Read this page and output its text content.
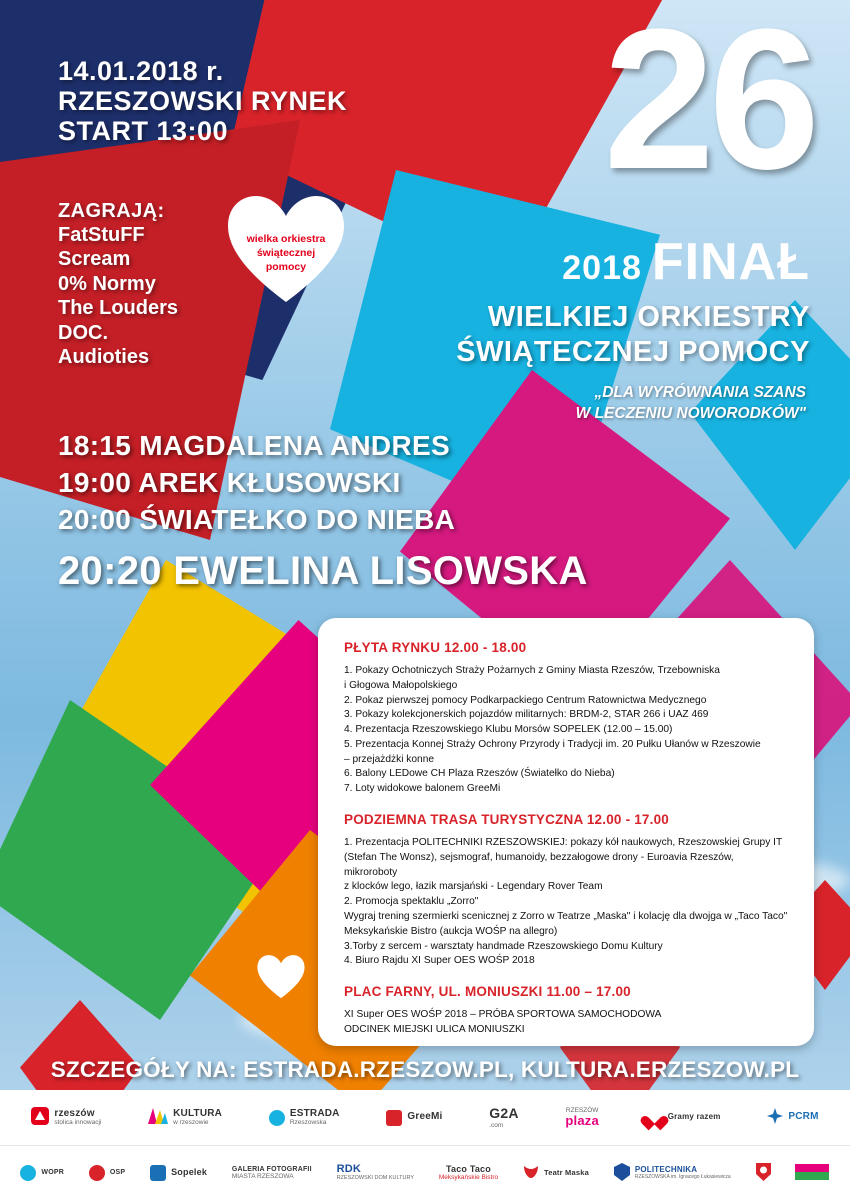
14.01.2018 r.
RZESZOWSKI RYNEK
START 13:00
ZAGRAJĄ:
FatStuFF
Scream
0% Normy
The Louders
DOC.
Audioties
wielka orkiestra
świątecznej
pomocy
26
2018 FINAŁ
WIELKIEJ ORKIESTRY
ŚWIĄTECZNEJ POMOCY
„DLA WYRÓWNANIA SZANS
W LECZENIU NOWORODKÓW"
18:15 MAGDALENA ANDRES
19:00 AREK KŁUSOWSKI
20:00 ŚWIATEŁKO DO NIEBA
20:20 EWELINA LISOWSKA
PŁYTA RYNKU 12.00 - 18.00
1. Pokazy Ochotniczych Straży Pożarnych z Gminy Miasta Rzeszów, Trzebowniska
i Głogowa Małopolskiego
2. Pokaz pierwszej pomocy Podkarpackiego Centrum Ratownictwa Medycznego
3. Pokazy kolekcjonerskich pojazdów militarnych: BRDM-2, STAR 266 i UAZ 469
4. Prezentacja Rzeszowskiego Klubu Morsów SOPELEK (12.00 – 15.00)
5. Prezentacja Konnej Straży Ochrony Przyrody i Tradycji im. 20 Pułku Ułanów w Rzeszowie
– przejażdżki konne
6. Balony LEDowe CH Plaza Rzeszów (Światełko do Nieba)
7. Loty widokowe balonem GreeMi
PODZIEMNA TRASA TURYSTYCZNA 12.00 - 17.00
1. Prezentacja POLITECHNIKI RZESZOWSKIEJ: pokazy kół naukowych, Rzeszowskiej Grupy IT
(Stefan The Wonsz), sejsmograf, humanoidy, bezzałogowe drony - Euroavia Rzeszów, mikroroboty
z klocków lego, łazik marsjański - Legendary Rover Team
2. Promocja spektaklu „Zorro"
Wygraj trening szermierki scenicznej z Zorro w Teatrze „Maska" i kolację dla dwojga w „Taco Taco"
Meksykańskie Bistro (aukcja WOŚP na allegro)
3.Torby z sercem - warsztaty handmade Rzeszowskiego Domu Kultury
4. Biuro Rajdu XI Super OES WOŚP 2018
PLAC FARNY, UL. MONIUSZKI 11.00 – 17.00
XI Super OES WOŚP 2018 – PRÓBA SPORTOWA SAMOCHODOWA
ODCINEK MIEJSKI ULICA MONIUSZKI
SZCZEGÓŁY NA: ESTRADA.RZESZOW.PL, KULTURA.ERZESZOW.PL
rzeszów
stolica innowacji
KULTURA
w rzeszowie
ESTRADA
Rzeszowska
GreeMi	G2A
.com
RZESZÓW
plaza	Gramy razem	PCRM
WOPR	OSP	Sopelek	GALERIA FOTOGRAFII
MIASTA RZESZOWA
RDK
RZESZOWSKI DOM KULTURY
Taco Taco
Meksykańskie Bistro
Teatr Maska	POLITECHNIKA
RZESZOWSKA im. Ignacego Łukasiewicza
